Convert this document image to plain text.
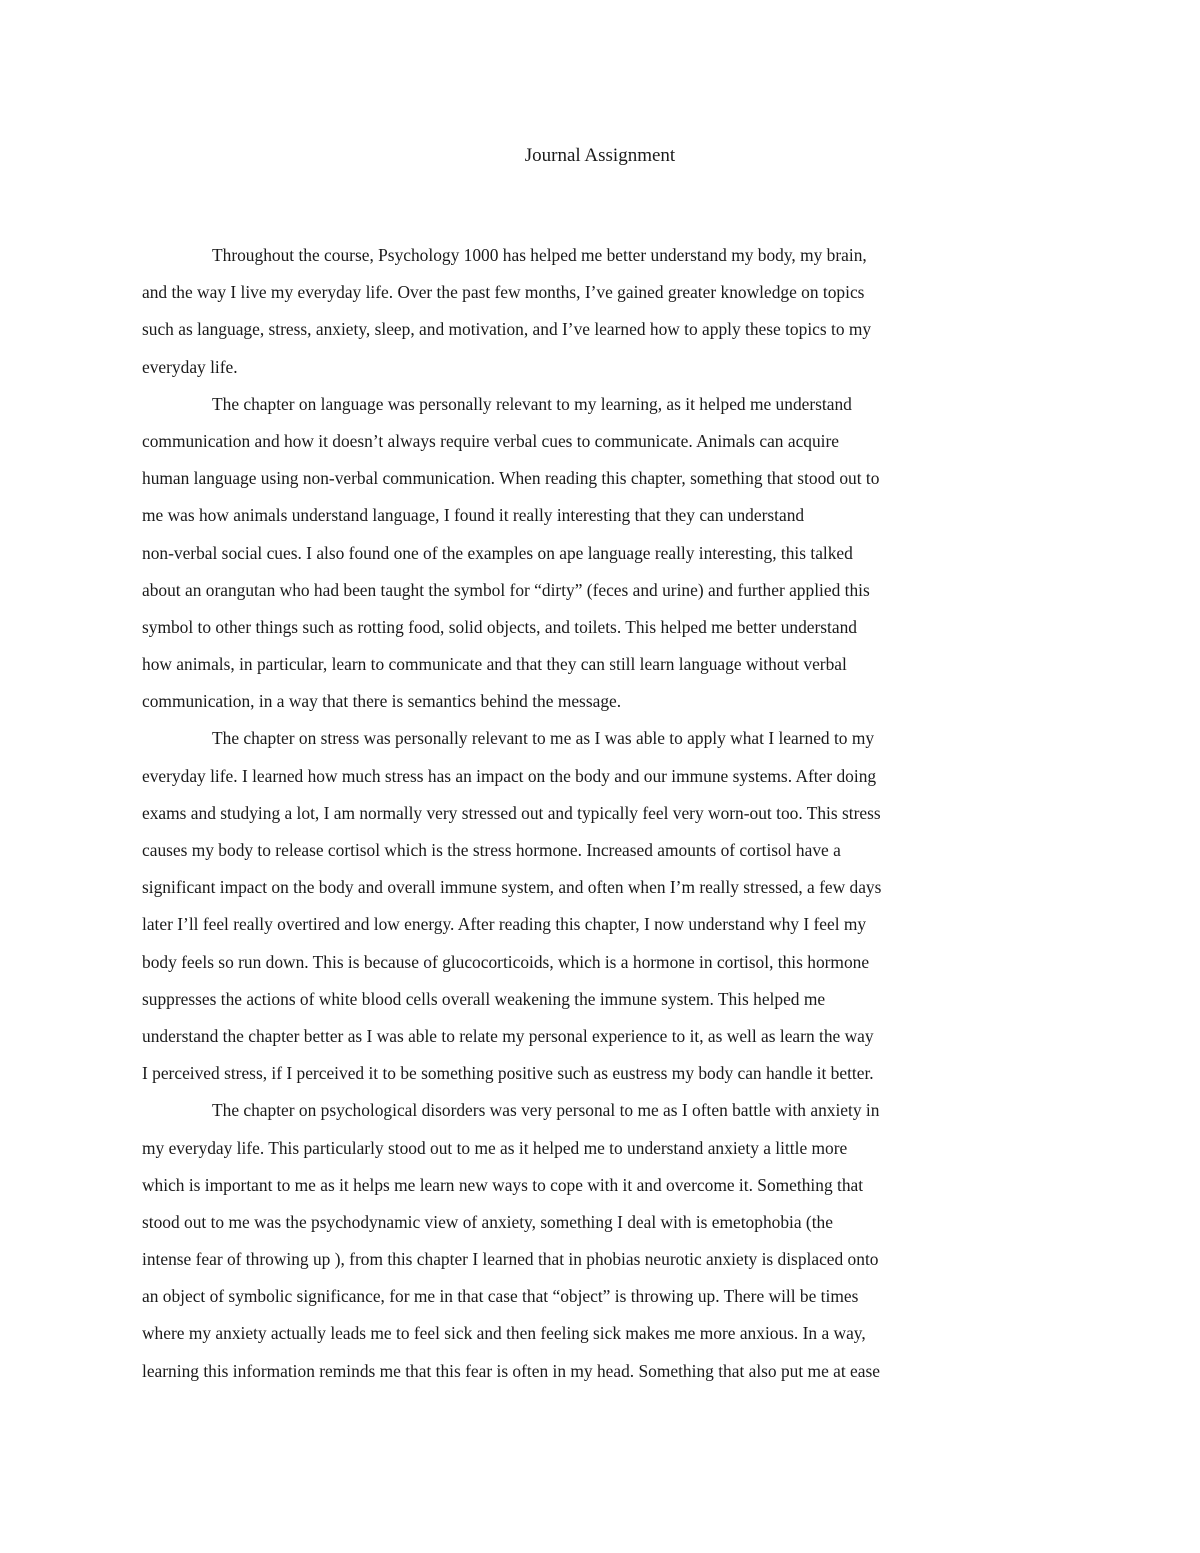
Journal Assignment
Throughout the course, Psychology 1000 has helped me better understand my body, my brain,
and the way I live my everyday life. Over the past few months, I’ve gained greater knowledge on topics
such as language, stress, anxiety, sleep, and motivation, and I’ve learned how to apply these topics to my
everyday life.
The chapter on language was personally relevant to my learning, as it helped me understand
communication and how it doesn’t always require verbal cues to communicate. Animals can acquire
human language using non-verbal communication. When reading this chapter, something that stood out to
me was how animals understand language, I found it really interesting that they can understand
non-verbal social cues. I also found one of the examples on ape language really interesting, this talked
about an orangutan who had been taught the symbol for “dirty” (feces and urine) and further applied this
symbol to other things such as rotting food, solid objects, and toilets. This helped me better understand
how animals, in particular, learn to communicate and that they can still learn language without verbal
communication, in a way that there is semantics behind the message.
The chapter on stress was personally relevant to me as I was able to apply what I learned to my
everyday life. I learned how much stress has an impact on the body and our immune systems. After doing
exams and studying a lot, I am normally very stressed out and typically feel very worn-out too. This stress
causes my body to release cortisol which is the stress hormone. Increased amounts of cortisol have a
significant impact on the body and overall immune system, and often when I’m really stressed, a few days
later I’ll feel really overtired and low energy. After reading this chapter, I now understand why I feel my
body feels so run down. This is because of glucocorticoids, which is a hormone in cortisol, this hormone
suppresses the actions of white blood cells overall weakening the immune system. This helped me
understand the chapter better as I was able to relate my personal experience to it, as well as learn the way
I perceived stress, if I perceived it to be something positive such as eustress my body can handle it better.
The chapter on psychological disorders was very personal to me as I often battle with anxiety in
my everyday life. This particularly stood out to me as it helped me to understand anxiety a little more
which is important to me as it helps me learn new ways to cope with it and overcome it. Something that
stood out to me was the psychodynamic view of anxiety, something I deal with is emetophobia (the
intense fear of throwing up ), from this chapter I learned that in phobias neurotic anxiety is displaced onto
an object of symbolic significance, for me in that case that “object” is throwing up. There will be times
where my anxiety actually leads me to feel sick and then feeling sick makes me more anxious. In a way,
learning this information reminds me that this fear is often in my head. Something that also put me at ease
